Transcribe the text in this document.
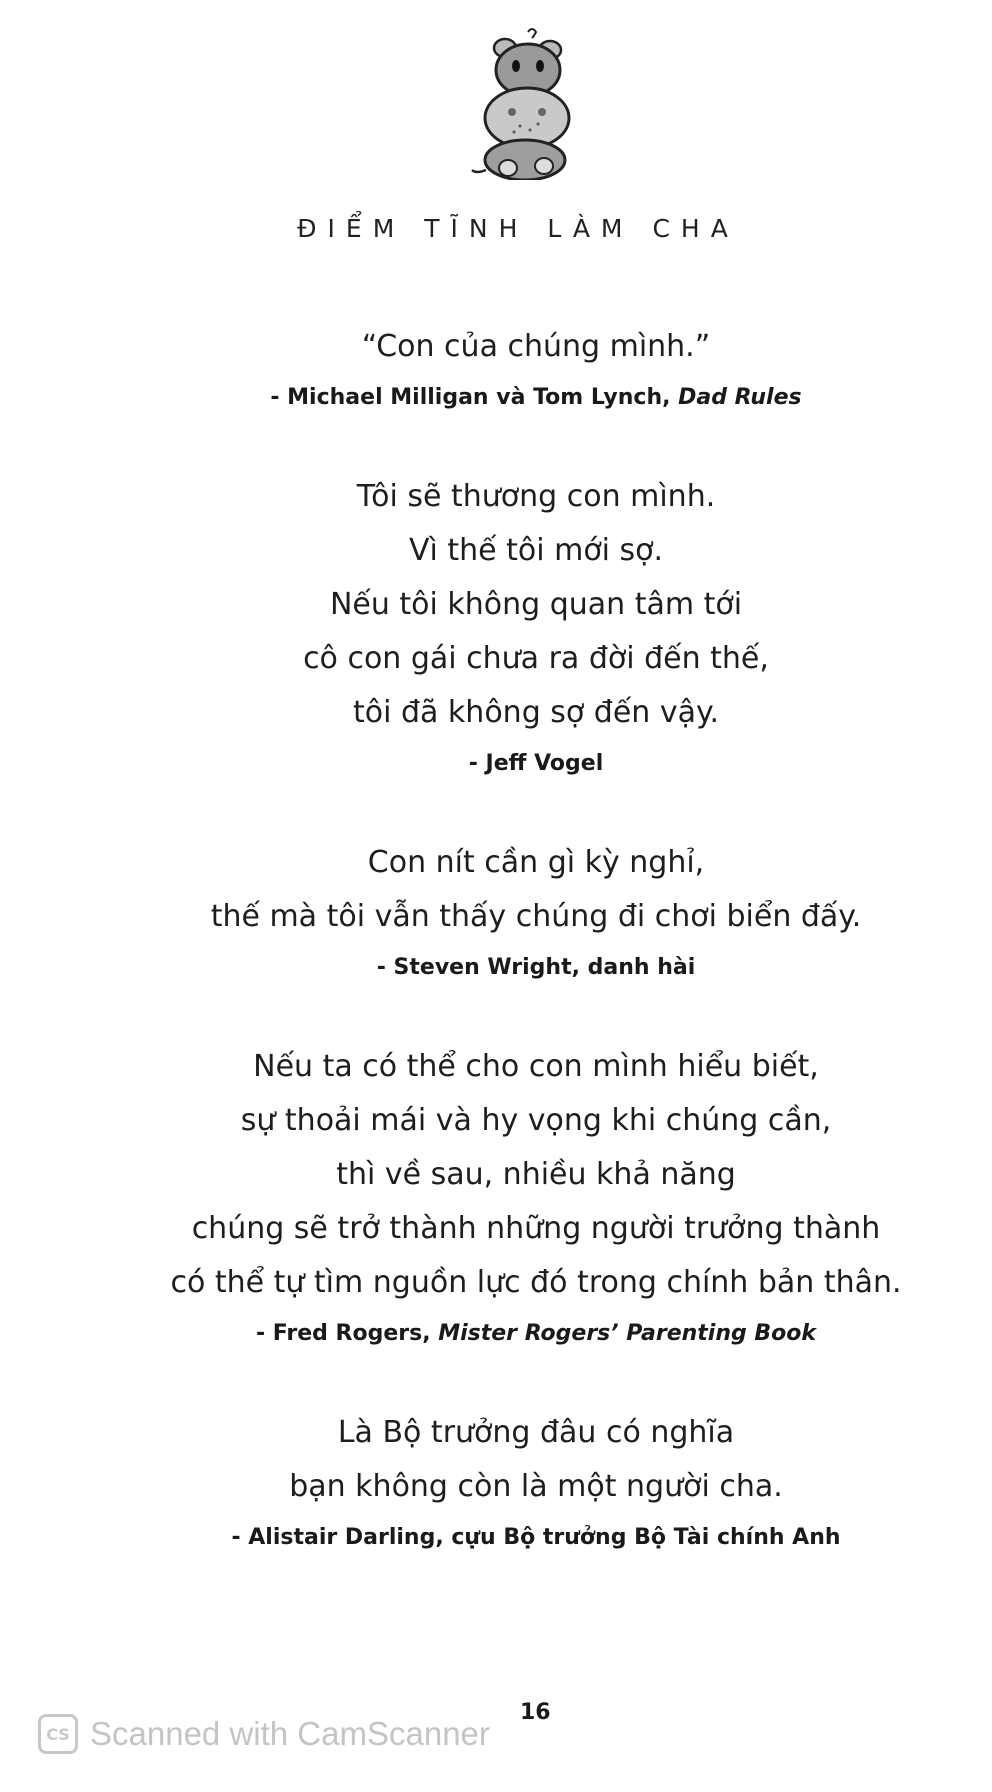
ĐIỂM TĨNH LÀM CHA
“Con của chúng mình.”
- Michael Milligan và Tom Lynch, Dad Rules
Tôi sẽ thương con mình.
Vì thế tôi mới sợ.
Nếu tôi không quan tâm tới
cô con gái chưa ra đời đến thế,
tôi đã không sợ đến vậy.
- Jeff Vogel
Con nít cần gì kỳ nghỉ,
thế mà tôi vẫn thấy chúng đi chơi biển đấy.
- Steven Wright, danh hài
Nếu ta có thể cho con mình hiểu biết,
sự thoải mái và hy vọng khi chúng cần,
thì về sau, nhiều khả năng
chúng sẽ trở thành những người trưởng thành
có thể tự tìm nguồn lực đó trong chính bản thân.
- Fred Rogers, Mister Rogers’ Parenting Book
Là Bộ trưởng đâu có nghĩa
bạn không còn là một người cha.
- Alistair Darling, cựu Bộ trưởng Bộ Tài chính Anh
16
CS Scanned with CamScanner
